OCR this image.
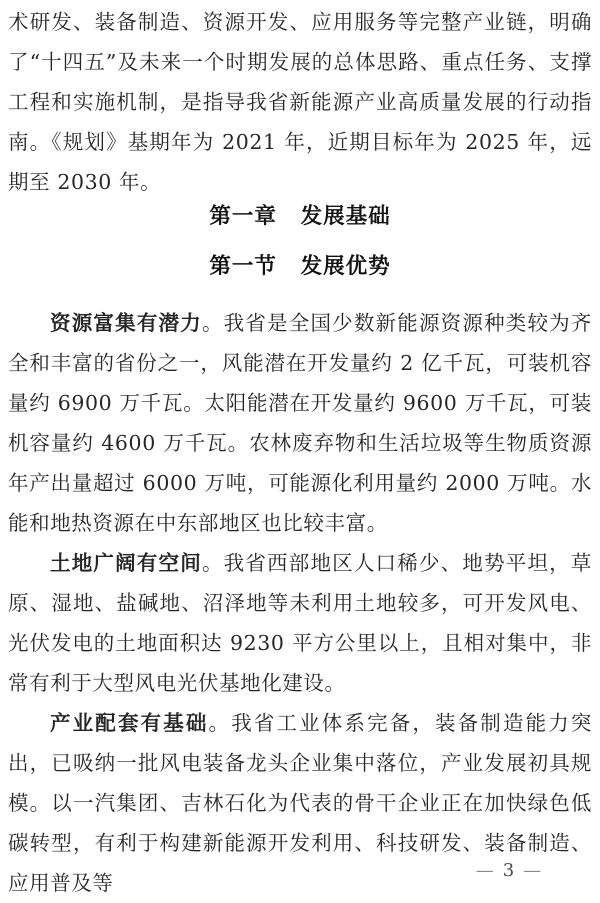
术研发、装备制造、资源开发、应用服务等完整产业链，明确了“十四五”及未来一个时期发展的总体思路、重点任务、支撑工程和实施机制，是指导我省新能源产业高质量发展的行动指南。《规划》基期年为 2021 年，近期目标年为 2025 年，远期至 2030 年。

第一章 发展基础
第一节 发展优势

资源富集有潜力。我省是全国少数新能源资源种类较为齐全和丰富的省份之一，风能潜在开发量约 2 亿千瓦，可装机容量约 6900 万千瓦。太阳能潜在开发量约 9600 万千瓦，可装机容量约 4600 万千瓦。农林废弃物和生活垃圾等生物质资源年产出量超过 6000 万吨，可能源化利用量约 2000 万吨。水能和地热资源在中东部地区也比较丰富。

土地广阔有空间。我省西部地区人口稀少、地势平坦，草原、湿地、盐碱地、沼泽地等未利用土地较多，可开发风电、光伏发电的土地面积达 9230 平方公里以上，且相对集中，非常有利于大型风电光伏基地化建设。

产业配套有基础。我省工业体系完备，装备制造能力突出，已吸纳一批风电装备龙头企业集中落位，产业发展初具规模。以一汽集团、吉林石化为代表的骨干企业正在加快绿色低碳转型，有利于构建新能源开发利用、科技研发、装备制造、应用普及等

— 3 —
